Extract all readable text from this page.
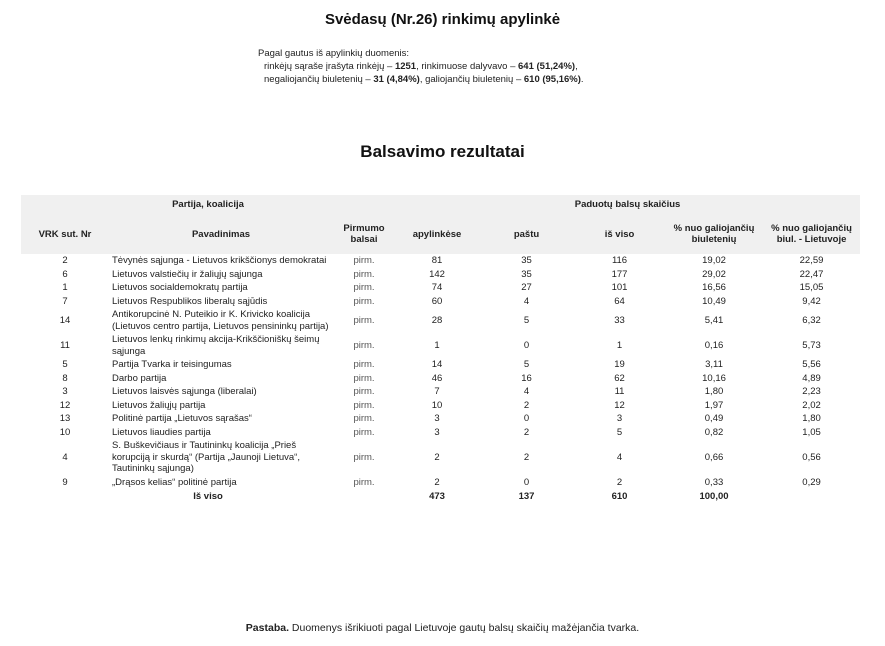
Svėdasų (Nr.26) rinkimų apylinkė
Pagal gautus iš apylinkių duomenis:
rinkėjų sąraše įrašyta rinkėjų – 1251, rinkimuose dalyvavo – 641 (51,24%),
negaliojančių biuletenių – 31 (4,84%), galiojančių biuletenių – 610 (95,16%).
Balsavimo rezultatai
Partija, koalicija			Paduotų balsų skaičius				
VRK sut. Nr	Pavadinimas	Pirmumo balsai	apylinkėse	paštu	iš viso	% nuo galiojančių biuletenių	% nuo galiojančių biul. - Lietuvoje
2	Tėvynės sąjunga - Lietuvos krikščionys demokratai	pirm.	81	35	116	19,02	22,59
6	Lietuvos valstiečių ir žaliųjų sąjunga	pirm.	142	35	177	29,02	22,47
1	Lietuvos socialdemokratų partija	pirm.	74	27	101	16,56	15,05
7	Lietuvos Respublikos liberalų sąjūdis	pirm.	60	4	64	10,49	9,42
14	Antikorupcinė N. Puteikio ir K. Krivicko koalicija (Lietuvos centro partija, Lietuvos pensininkų partija)	pirm.	28	5	33	5,41	6,32
11	Lietuvos lenkų rinkimų akcija-Krikščioniškų šeimų sąjunga	pirm.	1	0	1	0,16	5,73
5	Partija Tvarka ir teisingumas	pirm.	14	5	19	3,11	5,56
8	Darbo partija	pirm.	46	16	62	10,16	4,89
3	Lietuvos laisvės sąjunga (liberalai)	pirm.	7	4	11	1,80	2,23
12	Lietuvos žaliųjų partija	pirm.	10	2	12	1,97	2,02
13	Politinė partija „Lietuvos sąrašas“	pirm.	3	0	3	0,49	1,80
10	Lietuvos liaudies partija	pirm.	3	2	5	0,82	1,05
4	S. Buškevičiaus ir Tautininkų koalicija „Prieš korupciją ir skurdą“ (Partija „Jaunoji Lietuva“, Tautininkų sąjunga)	pirm.	2	2	4	0,66	0,56
9	„Drąsos kelias“ politinė partija	pirm.	2	0	2	0,33	0,29
Iš viso			473	137	610	100,00	
Pastaba. Duomenys išrikiuoti pagal Lietuvoje gautų balsų skaičių mažėjančia tvarka.
